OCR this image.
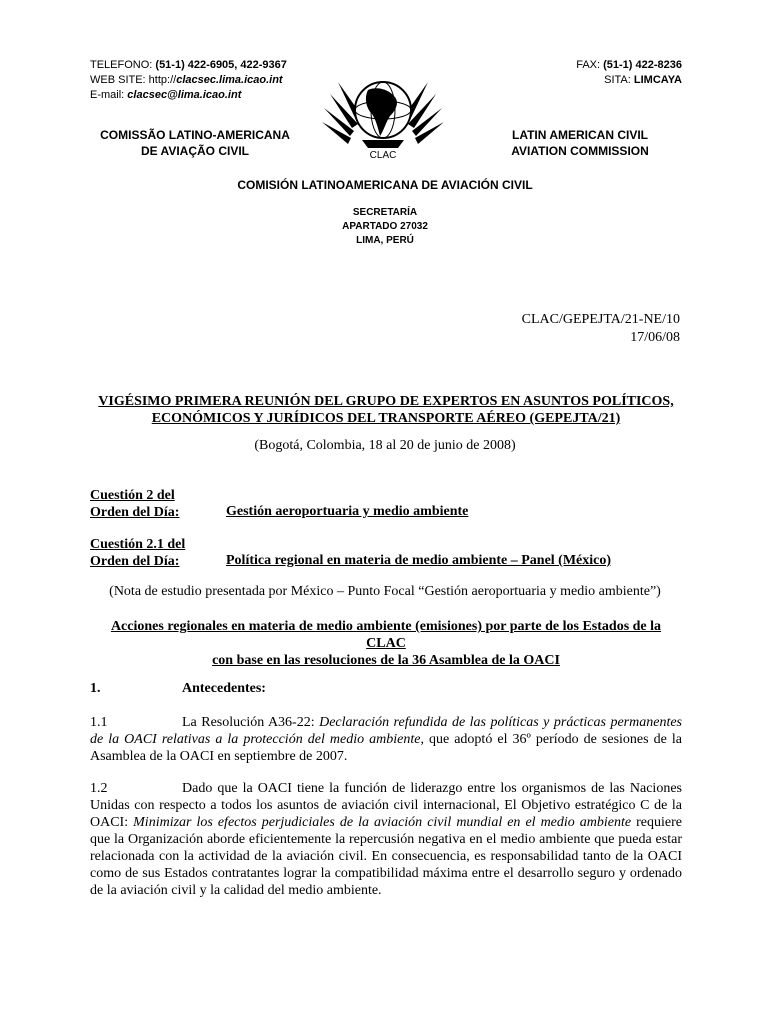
TELEFONO: (51-1) 422-6905, 422-9367
WEB SITE: http://clacsec.lima.icao.int
E-mail: clacsec@lima.icao.int
FAX: (51-1) 422-8236
SITA: LIMCAYA
CLAC
COMISSÃO LATINO-AMERICANA
DE AVIAÇÃO CIVIL
LATIN AMERICAN CIVIL
AVIATION COMMISSION
COMISIÓN LATINOAMERICANA DE AVIACIÓN CIVIL
SECRETARÍA
APARTADO 27032
LIMA, PERÚ
CLAC/GEPEJTA/21-NE/10
17/06/08
VIGÉSIMO PRIMERA REUNIÓN DEL GRUPO DE EXPERTOS EN ASUNTOS POLÍTICOS,
ECONÓMICOS Y JURÍDICOS DEL TRANSPORTE AÉREO (GEPEJTA/21)
(Bogotá, Colombia, 18 al 20 de junio de 2008)
Cuestión 2 del
Orden del Día:	Gestión aeroportuaria y medio ambiente
Cuestión 2.1 del
Orden del Día:	Política regional en materia de medio ambiente – Panel (México)
(Nota de estudio presentada por México – Punto Focal “Gestión aeroportuaria y medio ambiente”)
Acciones regionales en materia de medio ambiente (emisiones) por parte de los Estados de la CLAC
con base en las resoluciones de la 36 Asamblea de la OACI
1.	Antecedentes:
1.1	La Resolución A36-22: Declaración refundida de las políticas y prácticas permanentes de la OACI relativas a la protección del medio ambiente, que adoptó el 36º período de sesiones de la Asamblea de la OACI en septiembre de 2007.
1.2	Dado que la OACI tiene la función de liderazgo entre los organismos de las Naciones Unidas con respecto a todos los asuntos de aviación civil internacional, El Objetivo estratégico C de la OACI: Minimizar los efectos perjudiciales de la aviación civil mundial en el medio ambiente requiere que la Organización aborde eficientemente la repercusión negativa en el medio ambiente que pueda estar relacionada con la actividad de la aviación civil. En consecuencia, es responsabilidad tanto de la OACI como de sus Estados contratantes lograr la compatibilidad máxima entre el desarrollo seguro y ordenado de la aviación civil y la calidad del medio ambiente.
